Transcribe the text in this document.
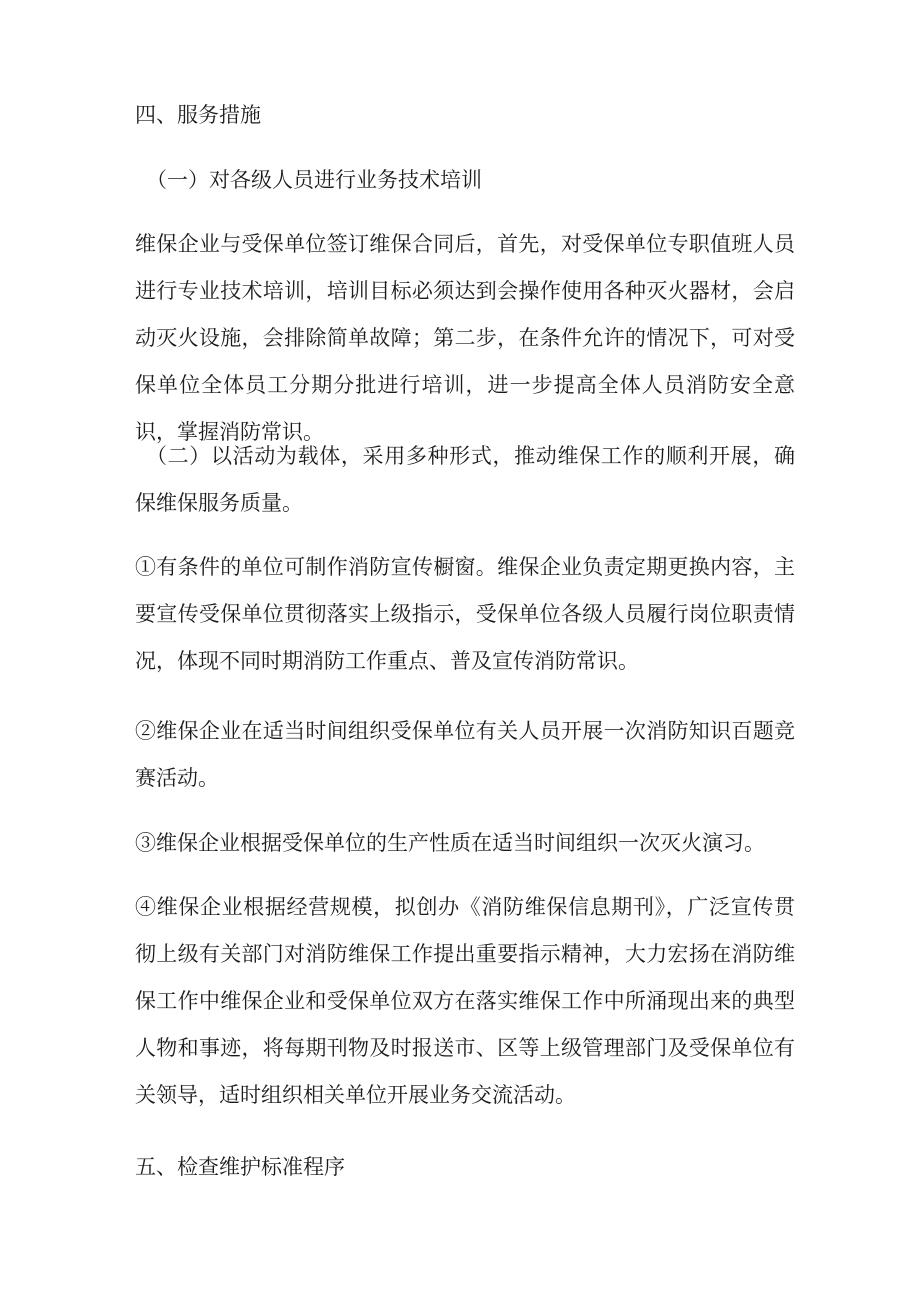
四、服务措施

（一）对各级人员进行业务技术培训

维保企业与受保单位签订维保合同后，首先，对受保单位专职值班人员进行专业技术培训，培训目标必须达到会操作使用各种灭火器材，会启动灭火设施，会排除简单故障；第二步，在条件允许的情况下，可对受保单位全体员工分期分批进行培训，进一步提高全体人员消防安全意识，掌握消防常识。

（二）以活动为载体，采用多种形式，推动维保工作的顺利开展，确保维保服务质量。

①有条件的单位可制作消防宣传橱窗。维保企业负责定期更换内容，主要宣传受保单位贯彻落实上级指示，受保单位各级人员履行岗位职责情况，体现不同时期消防工作重点、普及宣传消防常识。

②维保企业在适当时间组织受保单位有关人员开展一次消防知识百题竞赛活动。

③维保企业根据受保单位的生产性质在适当时间组织一次灭火演习。

④维保企业根据经营规模，拟创办《消防维保信息期刊》，广泛宣传贯彻上级有关部门对消防维保工作提出重要指示精神，大力宏扬在消防维保工作中维保企业和受保单位双方在落实维保工作中所涌现出来的典型人物和事迹，将每期刊物及时报送市、区等上级管理部门及受保单位有关领导，适时组织相关单位开展业务交流活动。

五、检查维护标准程序
